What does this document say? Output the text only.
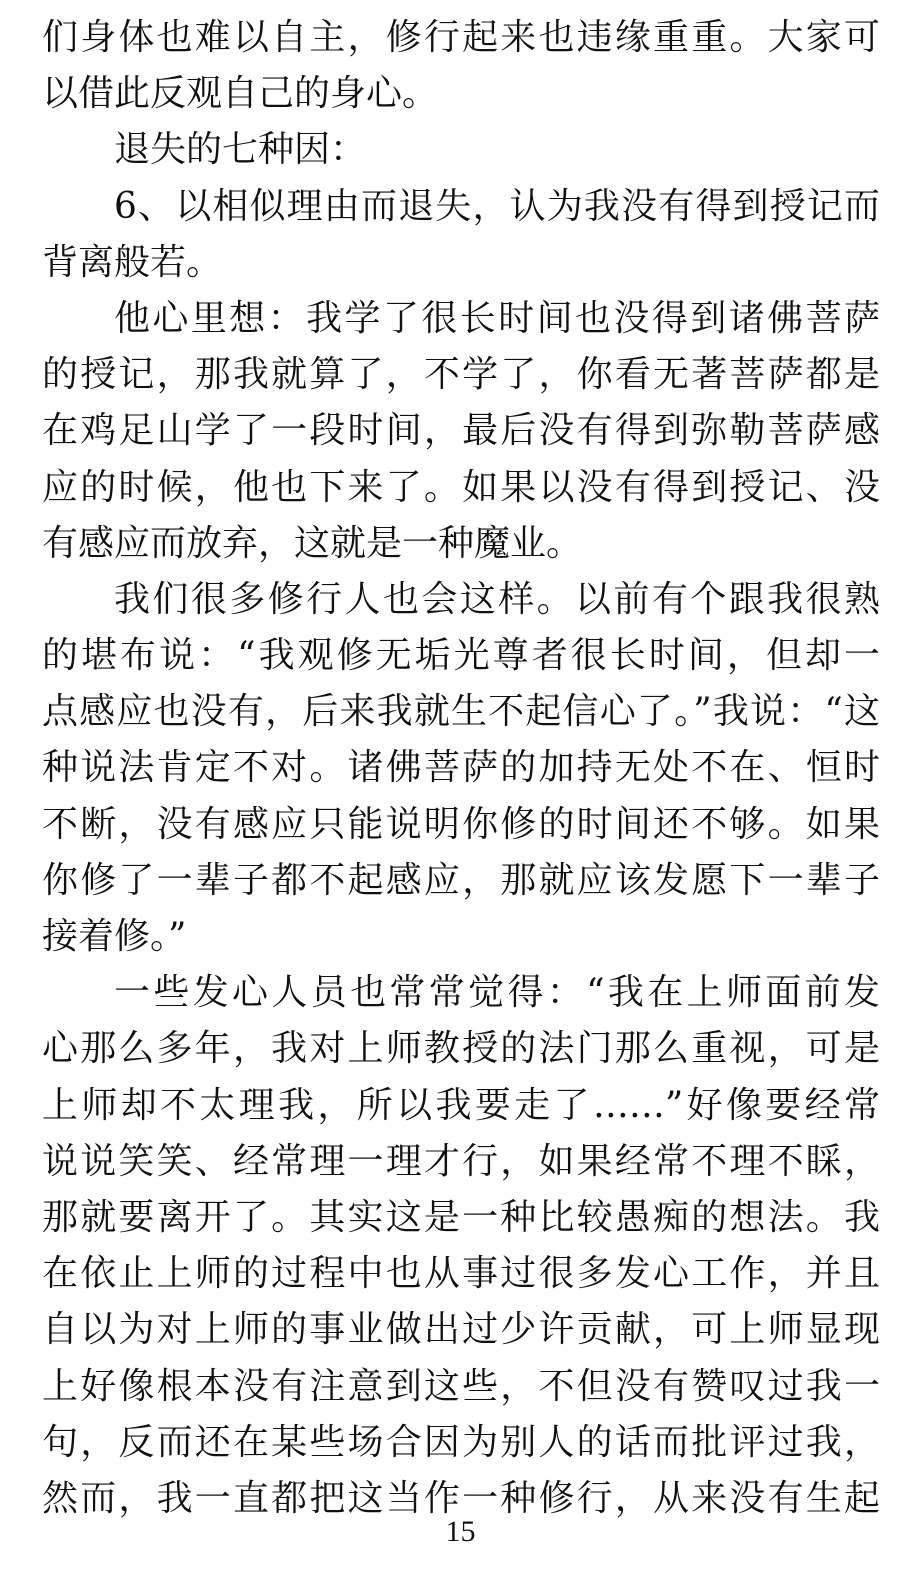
们身体也难以自主，修行起来也违缘重重。大家可
以借此反观自己的身心。
退失的七种因：
6、以相似理由而退失，认为我没有得到授记而
背离般若。
他心里想：我学了很长时间也没得到诸佛菩萨
的授记，那我就算了，不学了，你看无著菩萨都是
在鸡足山学了一段时间，最后没有得到弥勒菩萨感
应的时候，他也下来了。如果以没有得到授记、没
有感应而放弃，这就是一种魔业。
我们很多修行人也会这样。以前有个跟我很熟
的堪布说：“我观修无垢光尊者很长时间，但却一
点感应也没有，后来我就生不起信心了。”我说：“这
种说法肯定不对。诸佛菩萨的加持无处不在、恒时
不断，没有感应只能说明你修的时间还不够。如果
你修了一辈子都不起感应，那就应该发愿下一辈子
接着修。”
一些发心人员也常常觉得：“我在上师面前发
心那么多年，我对上师教授的法门那么重视，可是
上师却不太理我，所以我要走了……”好像要经常
说说笑笑、经常理一理才行，如果经常不理不睬，
那就要离开了。其实这是一种比较愚痴的想法。我
在依止上师的过程中也从事过很多发心工作，并且
自以为对上师的事业做出过少许贡献，可上师显现
上好像根本没有注意到这些，不但没有赞叹过我一
句，反而还在某些场合因为别人的话而批评过我，
然而，我一直都把这当作一种修行，从来没有生起
15
